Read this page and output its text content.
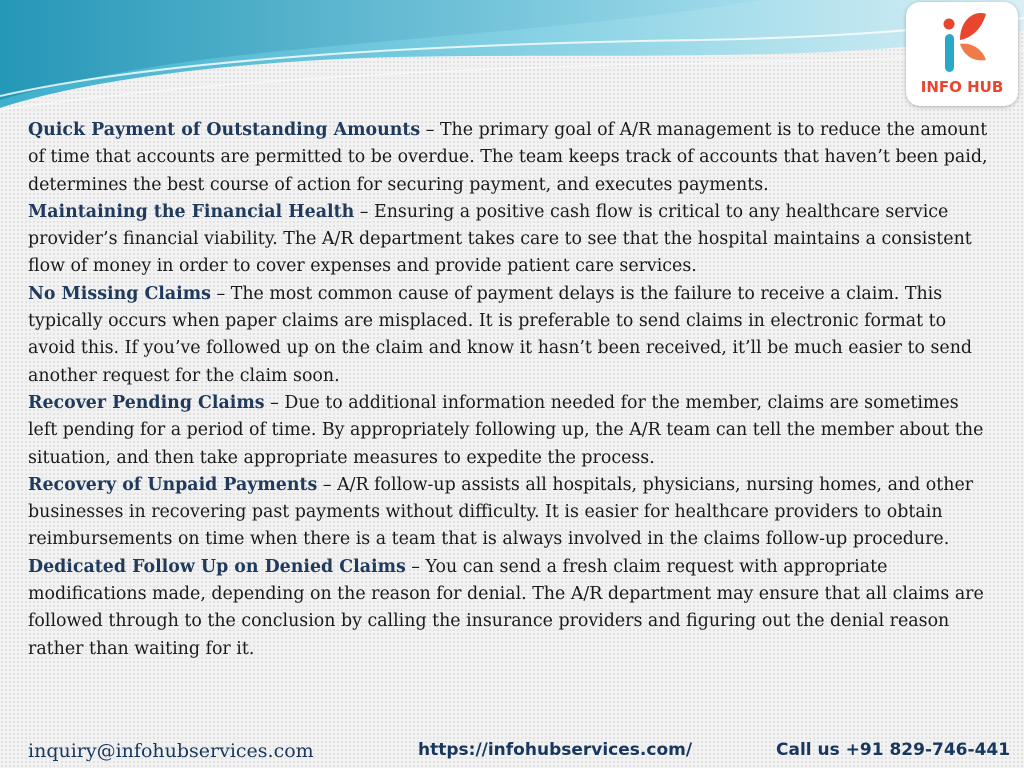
INFO HUB

Quick Payment of Outstanding Amounts – The primary goal of A/R management is to reduce the amount of time that accounts are permitted to be overdue. The team keeps track of accounts that haven’t been paid, determines the best course of action for securing payment, and executes payments.

Maintaining the Financial Health – Ensuring a positive cash flow is critical to any healthcare service provider’s financial viability. The A/R department takes care to see that the hospital maintains a consistent flow of money in order to cover expenses and provide patient care services.

No Missing Claims – The most common cause of payment delays is the failure to receive a claim. This typically occurs when paper claims are misplaced. It is preferable to send claims in electronic format to avoid this. If you’ve followed up on the claim and know it hasn’t been received, it’ll be much easier to send another request for the claim soon.

Recover Pending Claims – Due to additional information needed for the member, claims are sometimes left pending for a period of time. By appropriately following up, the A/R team can tell the member about the situation, and then take appropriate measures to expedite the process.

Recovery of Unpaid Payments – A/R follow-up assists all hospitals, physicians, nursing homes, and other businesses in recovering past payments without difficulty. It is easier for healthcare providers to obtain reimbursements on time when there is a team that is always involved in the claims follow-up procedure.

Dedicated Follow Up on Denied Claims – You can send a fresh claim request with appropriate modifications made, depending on the reason for denial. The A/R department may ensure that all claims are followed through to the conclusion by calling the insurance providers and figuring out the denial reason rather than waiting for it.

inquiry@infohubservices.com	https://infohubservices.com/	Call us +91 829-746-441
